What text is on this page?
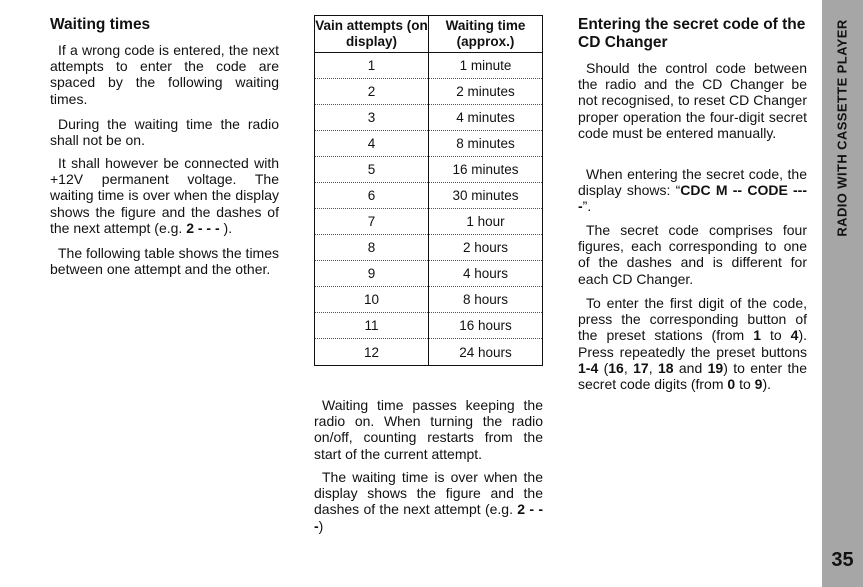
Waiting times

If a wrong code is entered, the next attempts to enter the code are spaced by the following waiting times.

During the waiting time the radio shall not be on.

It shall however be connected with +12V permanent voltage. The waiting time is over when the display shows the figure and the dashes of the next attempt (e.g. 2 - - - ).

The following table shows the times between one attempt and the other.

Vain attempts (on display)	Waiting time (approx.)
1	1 minute
2	2 minutes
3	4 minutes
4	8 minutes
5	16 minutes
6	30 minutes
7	1 hour
8	2 hours
9	4 hours
10	8 hours
11	16 hours
12	24 hours

Waiting time passes keeping the radio on. When turning the radio on/off, counting restarts from the start of the current attempt.

The waiting time is over when the display shows the figure and the dashes of the next attempt (e.g. 2 - - -)

Entering the secret code of the CD Changer

Should the control code between the radio and the CD Changer be not recognised, to reset CD Changer proper operation the four-digit secret code must be entered manually.

When entering the secret code, the display shows: “CDC M -- CODE ----”.

The secret code comprises four figures, each corresponding to one of the dashes and is different for each CD Changer.

To enter the first digit of the code, press the corresponding button of the preset stations (from 1 to 4). Press repeatedly the preset buttons 1-4 (16, 17, 18 and 19) to enter the secret code digits (from 0 to 9).

RADIO WITH CASSETTE PLAYER
35
